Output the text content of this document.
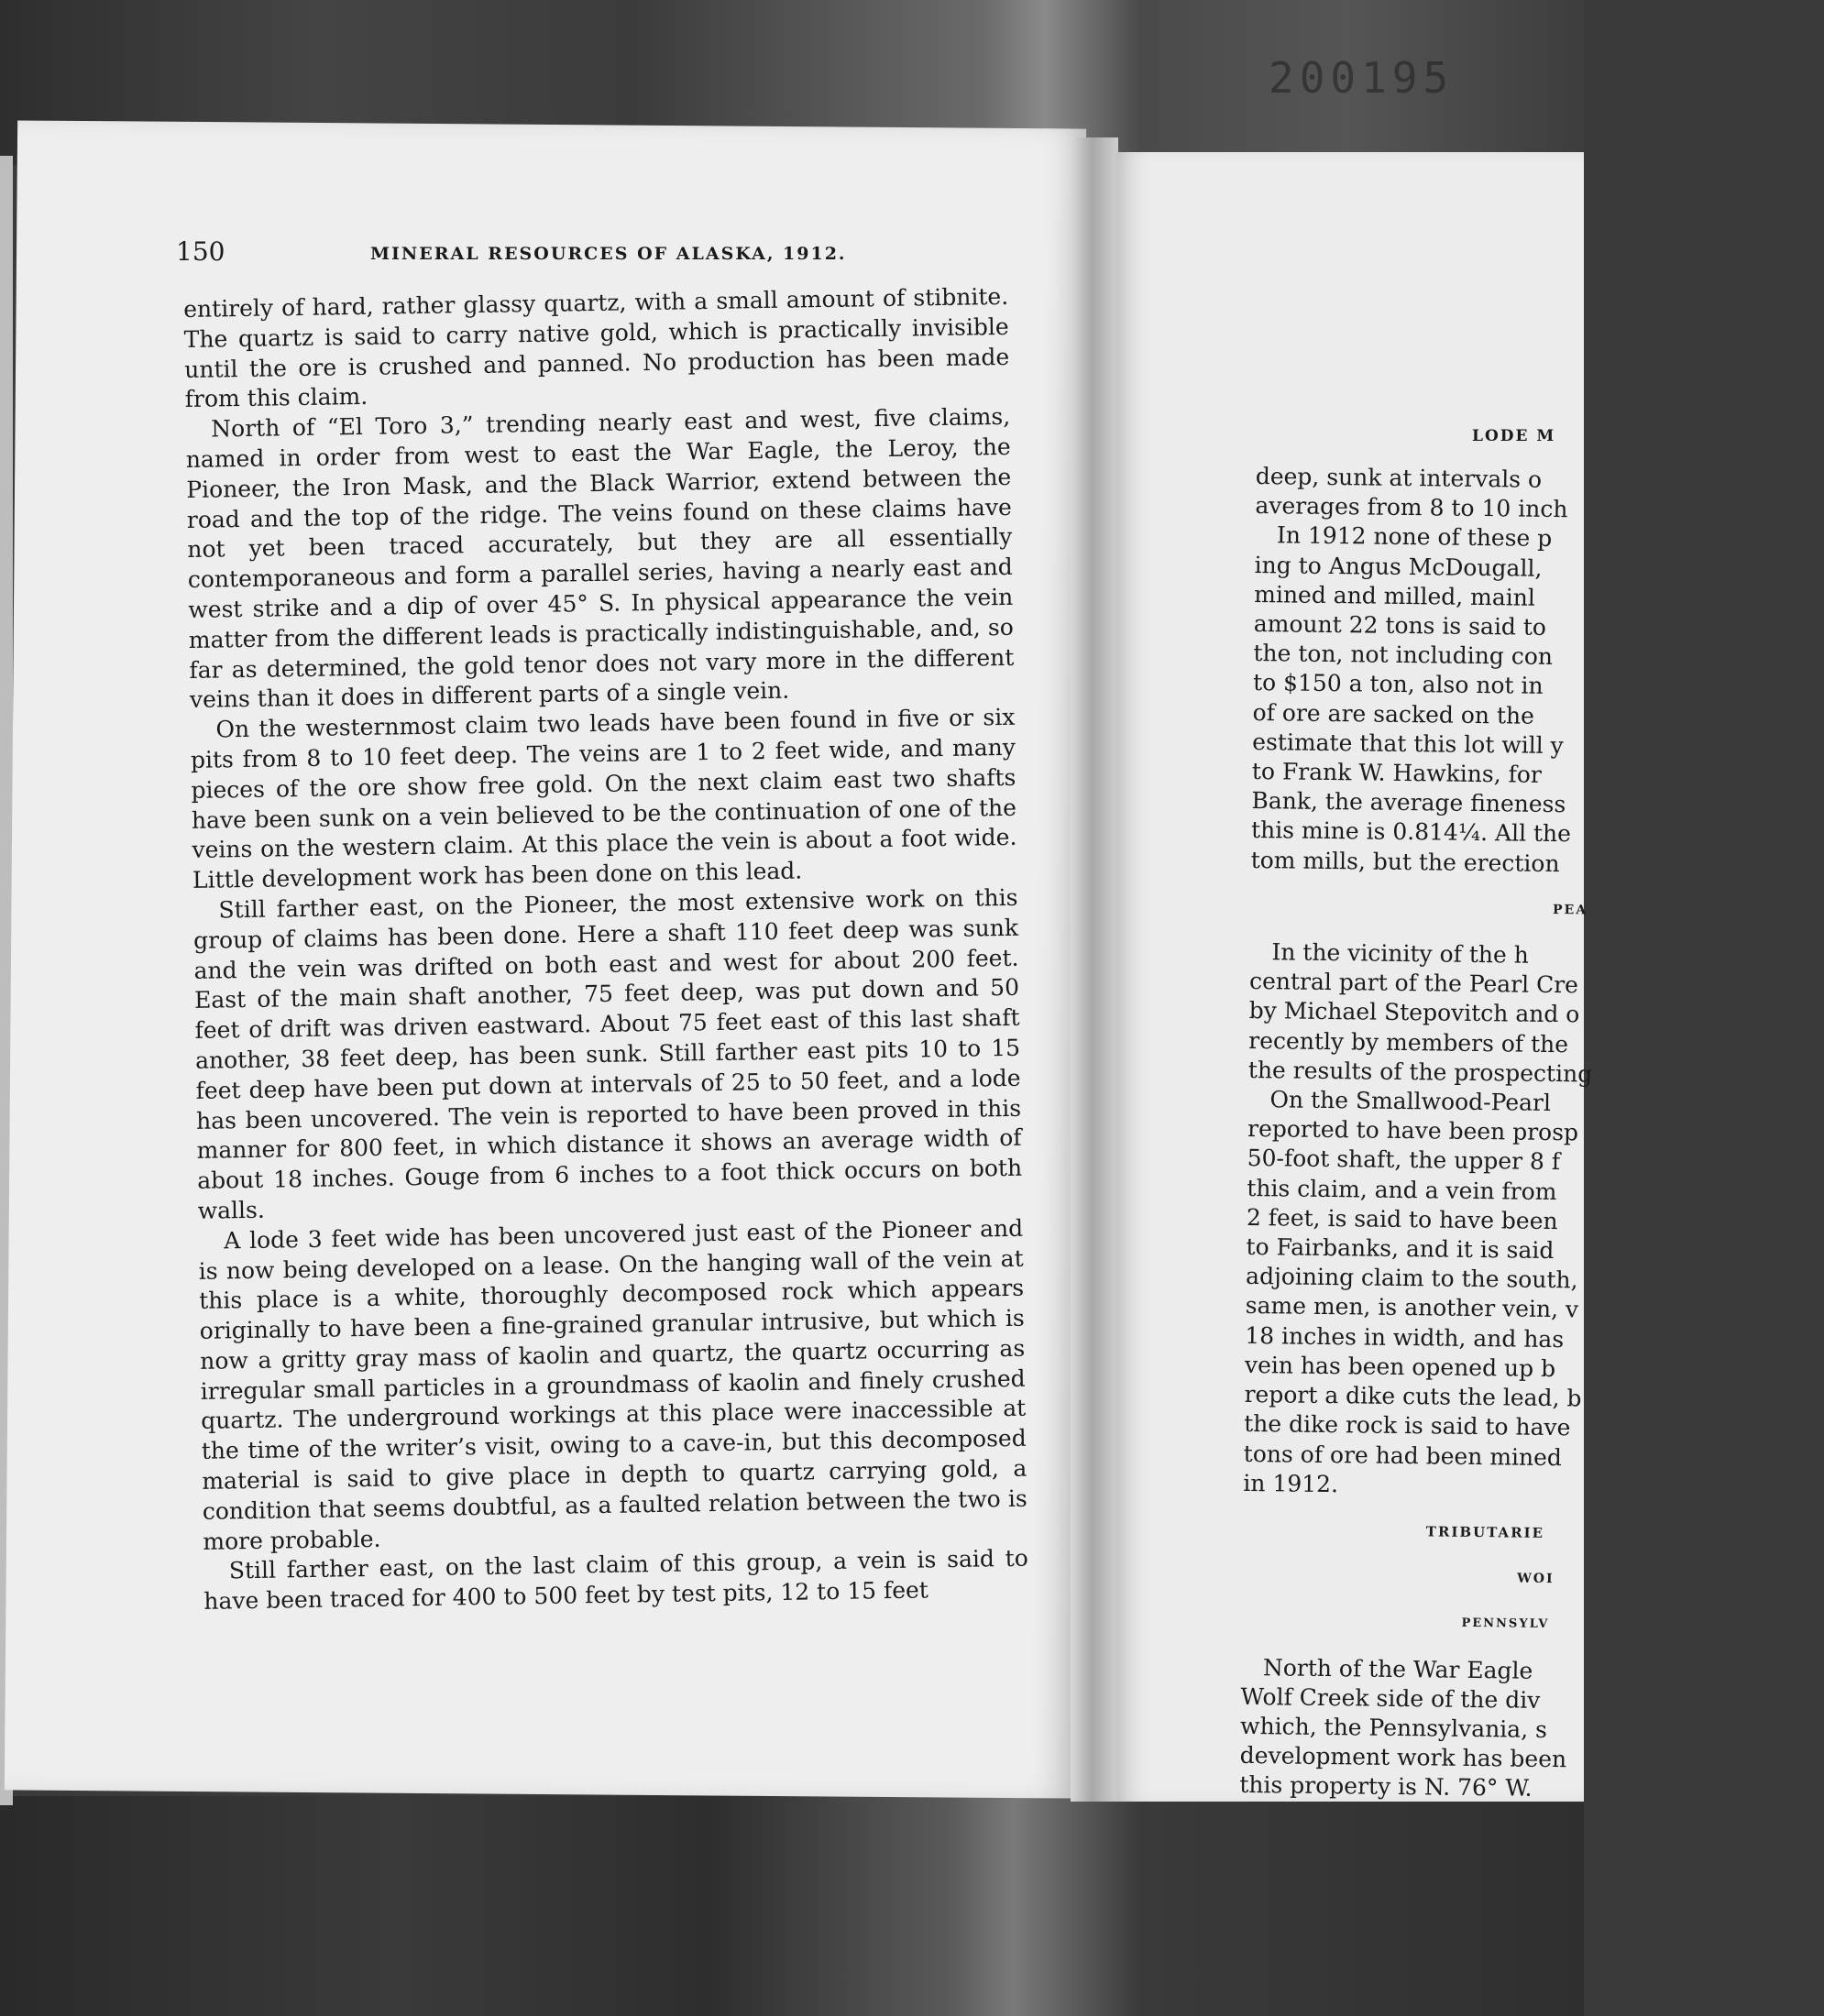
200195

150	MINERAL RESOURCES OF ALASKA, 1912.

entirely of hard, rather glassy quartz, with a small amount of stibnite. The quartz is said to carry native gold, which is practically invisible until the ore is crushed and panned. No production has been made from this claim.

North of “El Toro 3,” trending nearly east and west, five claims, named in order from west to east the War Eagle, the Leroy, the Pioneer, the Iron Mask, and the Black Warrior, extend between the road and the top of the ridge. The veins found on these claims have not yet been traced accurately, but they are all essentially contemporaneous and form a parallel series, having a nearly east and west strike and a dip of over 45° S. In physical appearance the vein matter from the different leads is practically indistinguishable, and, so far as determined, the gold tenor does not vary more in the different veins than it does in different parts of a single vein.

On the westernmost claim two leads have been found in five or six pits from 8 to 10 feet deep. The veins are 1 to 2 feet wide, and many pieces of the ore show free gold. On the next claim east two shafts have been sunk on a vein believed to be the continuation of one of the veins on the western claim. At this place the vein is about a foot wide. Little development work has been done on this lead.

Still farther east, on the Pioneer, the most extensive work on this group of claims has been done. Here a shaft 110 feet deep was sunk and the vein was drifted on both east and west for about 200 feet. East of the main shaft another, 75 feet deep, was put down and 50 feet of drift was driven eastward. About 75 feet east of this last shaft another, 38 feet deep, has been sunk. Still farther east pits 10 to 15 feet deep have been put down at intervals of 25 to 50 feet, and a lode has been uncovered. The vein is reported to have been proved in this manner for 800 feet, in which distance it shows an average width of about 18 inches. Gouge from 6 inches to a foot thick occurs on both walls.

A lode 3 feet wide has been uncovered just east of the Pioneer and is now being developed on a lease. On the hanging wall of the vein at this place is a white, thoroughly decomposed rock which appears originally to have been a fine-grained granular intrusive, but which is now a gritty gray mass of kaolin and quartz, the quartz occurring as irregular small particles in a groundmass of kaolin and finely crushed quartz. The underground workings at this place were inaccessible at the time of the writer’s visit, owing to a cave-in, but this decomposed material is said to give place in depth to quartz carrying gold, a condition that seems doubtful, as a faulted relation between the two is more probable.

Still farther east, on the last claim of this group, a vein is said to have been traced for 400 to 500 feet by test pits, 12 to 15 feet

LODE M

deep, sunk at intervals o

averages from 8 to 10 inch

In 1912 none of these p

ing to Angus McDougall,

mined and milled, mainl

amount 22 tons is said to

the ton, not including con

to $150 a ton, also not in

of ore are sacked on the

estimate that this lot will y

to Frank W. Hawkins, for

Bank, the average fineness

this mine is 0.814¼. All the

tom mills, but the erection

PEA

In the vicinity of the h

central part of the Pearl Cre

by Michael Stepovitch and o

recently by members of the

the results of the prospecting

On the Smallwood-Pearl

reported to have been prosp

50-foot shaft, the upper 8 f

this claim, and a vein from

2 feet, is said to have been

to Fairbanks, and it is said

adjoining claim to the south,

same men, is another vein, v

18 inches in width, and has

vein has been opened up b

report a dike cuts the lead, b

the dike rock is said to have

tons of ore had been mined

in 1912.

TRIBUTARIE

WOI

PENNSYLV

North of the War Eagle

Wolf Creek side of the div

which, the Pennsylvania, s

development work has been

this property is N. 76° W.
